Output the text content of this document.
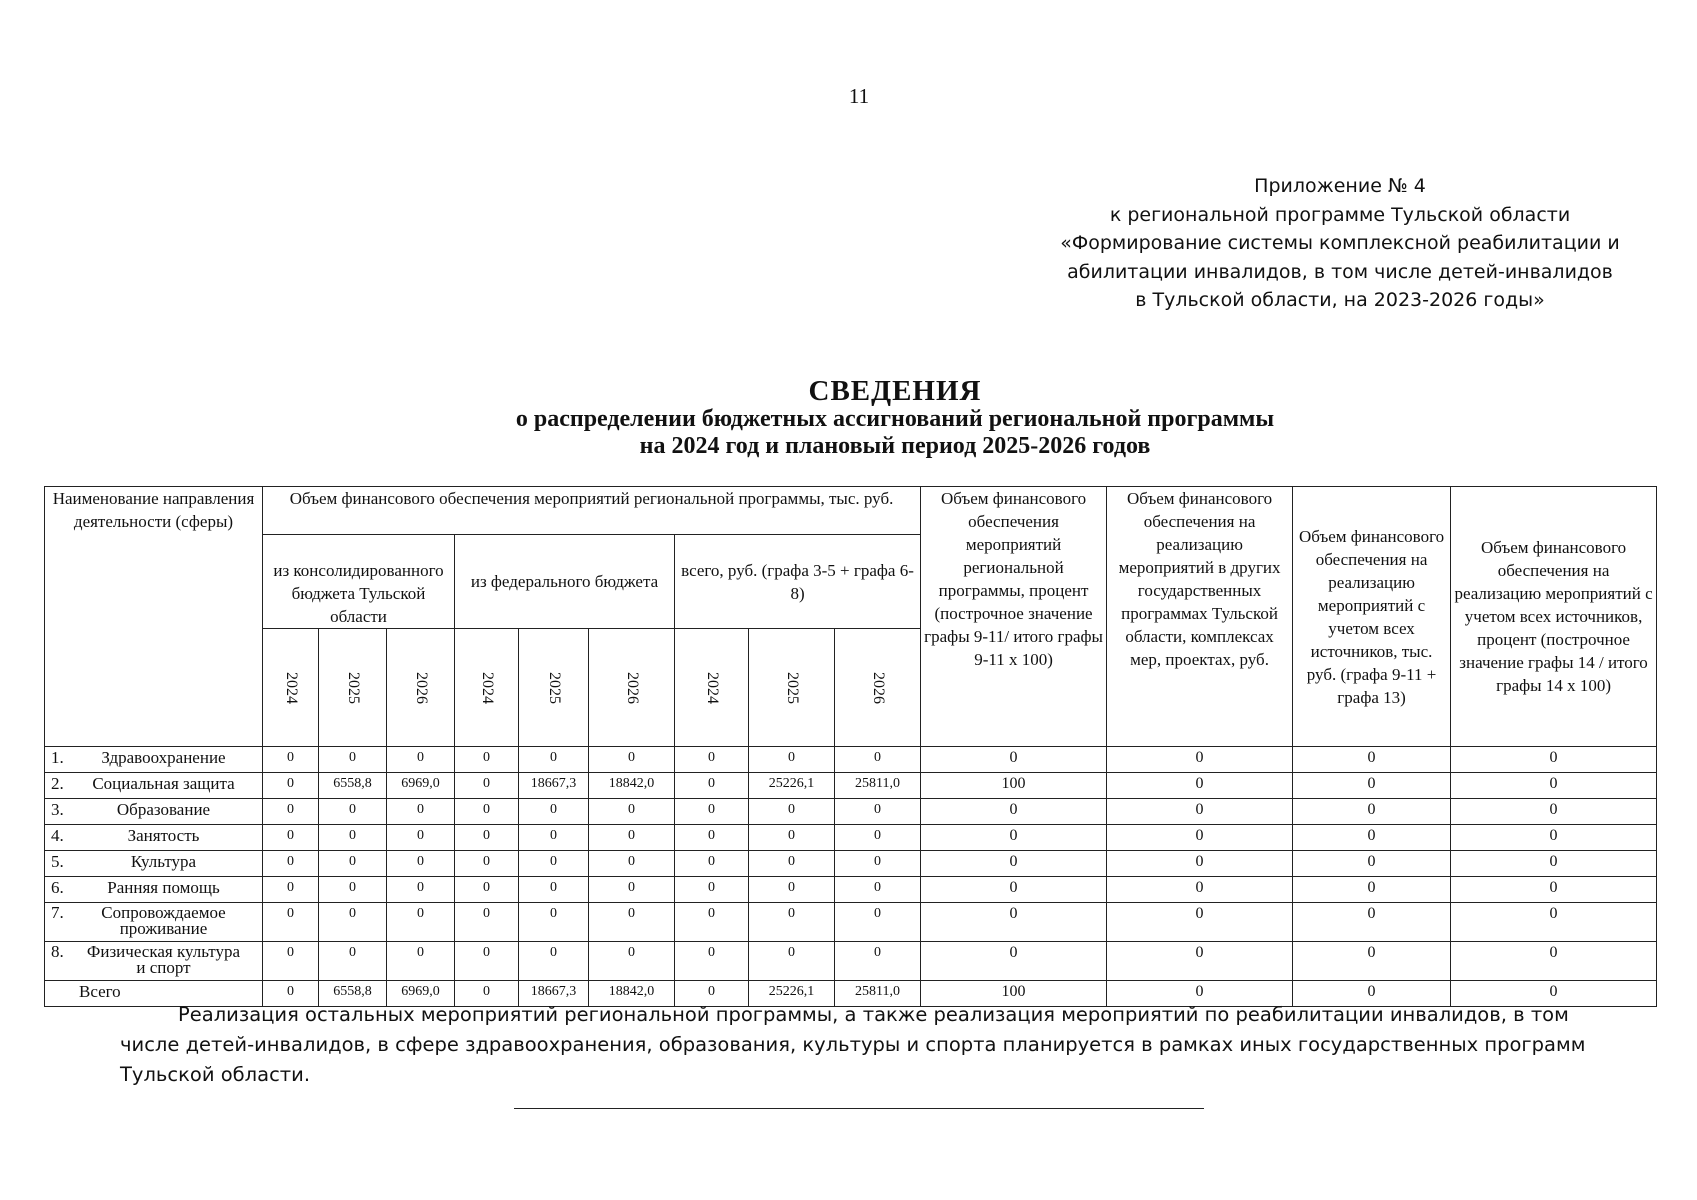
11
Приложение № 4
к региональной программе Тульской области
«Формирование системы комплексной реабилитации и
абилитации инвалидов, в том числе детей-инвалидов
в Тульской области, на 2023-2026 годы»
СВЕДЕНИЯ
о распределении бюджетных ассигнований региональной программы
на 2024 год и плановый период 2025-2026 годов
Наименование направления деятельности (сферы)	Объем финансового обеспечения мероприятий региональной программы, тыс. руб.									Объем финансового обеспечения мероприятий региональной программы, процент (построчное значение графы 9-11/ итого графы 9-11 х 100)	Объем финансового обеспечения на реализацию мероприятий в других государственных программах Тульской области, комплексах мер, проектах, руб.	Объем финансового обеспечения на реализацию мероприятий с учетом всех источников, тыс. руб. (графа 9-11 + графа 13)	Объем финансового обеспечения на реализацию мероприятий с учетом всех источников, процент (построчное значение графы 14 / итого графы 14 х 100)
	из консолидированного бюджета Тульской области			из федерального бюджета			всего, руб. (графа 3-5 + графа 6-8)						
	2024	2025	2026	2024	2025	2026	2024	2025	2026				
1. Здравоохранение	0	0	0	0	0	0	0	0	0	0	0	0	0
2. Социальная защита	0	6558,8	6969,0	0	18667,3	18842,0	0	25226,1	25811,0	100	0	0	0
3. Образование	0	0	0	0	0	0	0	0	0	0	0	0	0
4. Занятость	0	0	0	0	0	0	0	0	0	0	0	0	0
5. Культура	0	0	0	0	0	0	0	0	0	0	0	0	0
6. Ранняя помощь	0	0	0	0	0	0	0	0	0	0	0	0	0
7. Сопровождаемое проживание	0	0	0	0	0	0	0	0	0	0	0	0	0
8. Физическая культура и спорт	0	0	0	0	0	0	0	0	0	0	0	0	0
Всего	0	6558,8	6969,0	0	18667,3	18842,0	0	25226,1	25811,0	100	0	0	0
Реализация остальных мероприятий региональной программы, а также реализация мероприятий по реабилитации инвалидов, в том числе детей-инвалидов, в сфере здравоохранения, образования, культуры и спорта планируется в рамках иных государственных программ Тульской области.
